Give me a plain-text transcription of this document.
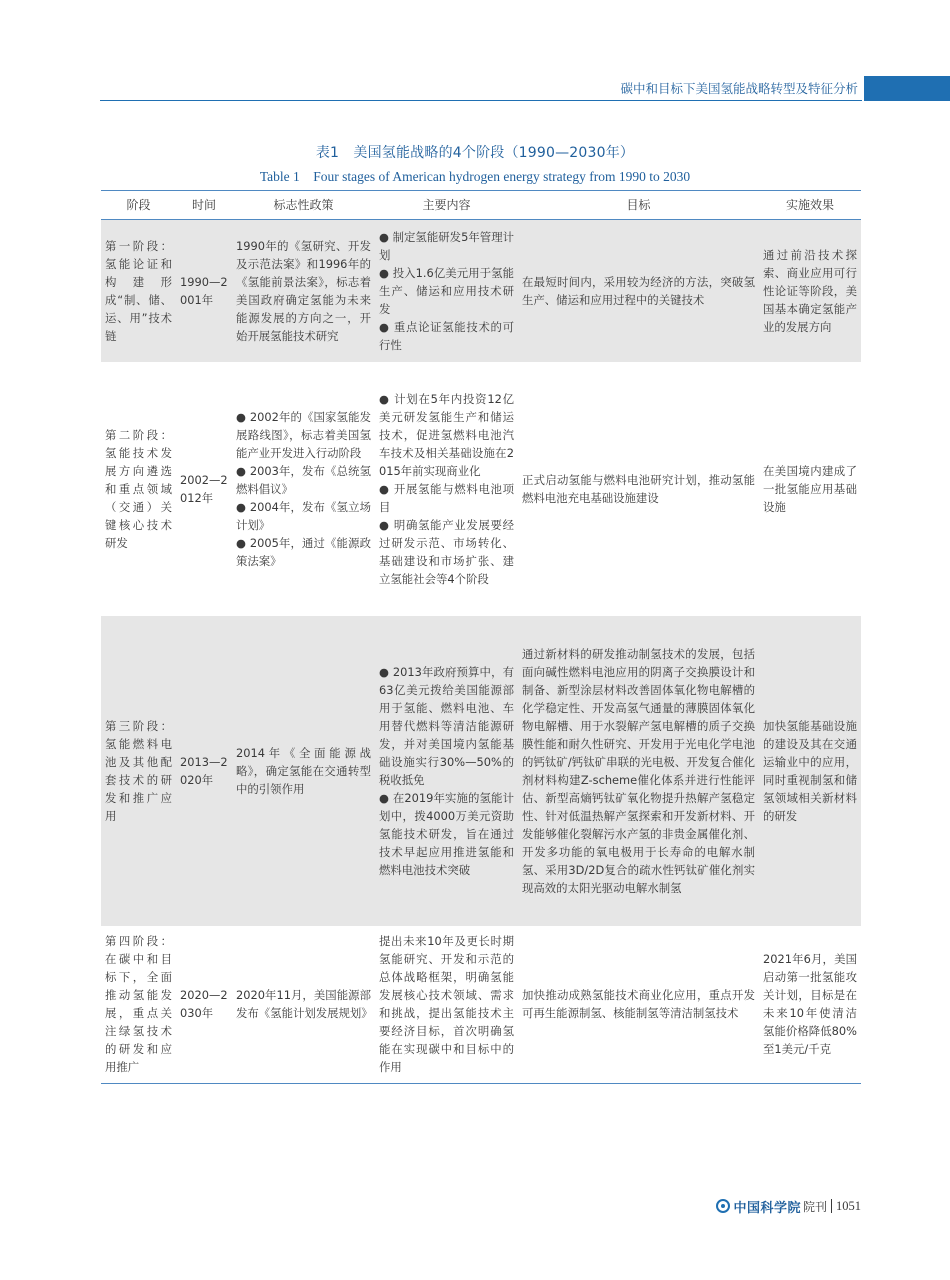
碳中和目标下美国氢能战略转型及特征分析
表1　美国氢能战略的4个阶段（1990—2030年）
Table 1　Four stages of American hydrogen energy strategy from 1990 to 2030
阶段	时间	标志性政策	主要内容	目标	实施效果
第一阶段：氢能论证和构建形成“制、储、运、用”技术链	1990—2001年	1990年的《氢研究、开发及示范法案》和1996年的《氢能前景法案》，标志着美国政府确定氢能为未来能源发展的方向之一，开始开展氢能技术研究	● 制定氢能研发5年管理计划
● 投入1.6亿美元用于氢能生产、储运和应用技术研发
● 重点论证氢能技术的可行性	在最短时间内，采用较为经济的方法，突破氢生产、储运和应用过程中的关键技术	通过前沿技术探索、商业应用可行性论证等阶段，美国基本确定氢能产业的发展方向
第二阶段：氢能技术发展方向遴选和重点领域（交通）关键核心技术研发	2002—2012年	● 2002年的《国家氢能发展路线图》，标志着美国氢能产业开发进入行动阶段
● 2003年，发布《总统氢燃料倡议》
● 2004年，发布《氢立场计划》
● 2005年，通过《能源政策法案》	● 计划在5年内投资12亿美元研发氢能生产和储运技术，促进氢燃料电池汽车技术及相关基础设施在2015年前实现商业化
● 开展氢能与燃料电池项目
● 明确氢能产业发展要经过研发示范、市场转化、基础建设和市场扩张、建立氢能社会等4个阶段	正式启动氢能与燃料电池研究计划，推动氢能燃料电池充电基础设施建设	在美国境内建成了一批氢能应用基础设施
第三阶段：氢能燃料电池及其他配套技术的研发和推广应用	2013—2020年	2014年《全面能源战略》，确定氢能在交通转型中的引领作用	● 2013年政府预算中，有63亿美元拨给美国能源部用于氢能、燃料电池、车用替代燃料等清洁能源研发，并对美国境内氢能基础设施实行30%—50%的税收抵免
● 在2019年实施的氢能计划中，拨4000万美元资助氢能技术研发，旨在通过技术早起应用推进氢能和燃料电池技术突破	通过新材料的研发推动制氢技术的发展，包括面向碱性燃料电池应用的阴离子交换膜设计和制备、新型涂层材料改善固体氧化物电解槽的化学稳定性、开发高氢气通量的薄膜固体氧化物电解槽、用于水裂解产氢电解槽的质子交换膜性能和耐久性研究、开发用于光电化学电池的钙钛矿/钙钛矿串联的光电极、开发复合催化剂材料构建Z-scheme催化体系并进行性能评估、新型高熵钙钛矿氧化物提升热解产氢稳定性、针对低温热解产氢探索和开发新材料、开发能够催化裂解污水产氢的非贵金属催化剂、开发多功能的氧电极用于长寿命的电解水制氢、采用3D/2D复合的疏水性钙钛矿催化剂实现高效的太阳光驱动电解水制氢	加快氢能基础设施的建设及其在交通运输业中的应用，同时重视制氢和储氢领域相关新材料的研发
第四阶段：在碳中和目标下，全面推动氢能发展，重点关注绿氢技术的研发和应用推广	2020—2030年	2020年11月，美国能源部发布《氢能计划发展规划》	提出未来10年及更长时期氢能研究、开发和示范的总体战略框架，明确氢能发展核心技术领域、需求和挑战，提出氢能技术主要经济目标，首次明确氢能在实现碳中和目标中的作用	加快推动成熟氢能技术商业化应用，重点开发可再生能源制氢、核能制氢等清洁制氢技术	2021年6月，美国启动第一批氢能攻关计划，目标是在未来10年使清洁氢能价格降低80%至1美元/千克
中国科学院 院刊 1051
